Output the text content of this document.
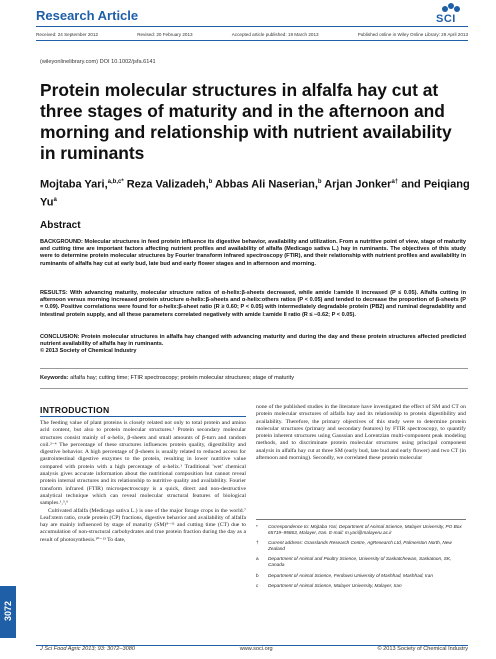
Research Article	SCI
Received: 24 September 2012	Revised: 20 February 2013	Accepted article published: 19 March 2013	Published online in Wiley Online Library: 29 April 2013
(wileyonlinelibrary.com) DOI 10.1002/jsfa.6141
Protein molecular structures in alfalfa hay cut at three stages of maturity and in the afternoon and morning and relationship with nutrient availability in ruminants
Mojtaba Yari,$^{a,b,c*}$ Reza Valizadeh,$^b$ Abbas Ali Naserian,$^b$ Arjan Jonker$^{a\dagger}$ and Peiqiang Yu$^a$
Abstract

BACKGROUND: Molecular structures in feed protein influence its digestive behavior, availability and utilization. From a nutritive point of view, stage of maturity and cutting time are important factors affecting nutrient profiles and availability of alfalfa (Medicago sativa L.) hay in ruminants. The objectives of this study were to determine protein molecular structures by Fourier transform infrared spectroscopy (FTIR), and their relationship with nutrient profiles and availability in ruminants of alfalfa hay cut at early bud, late bud and early flower stages and in afternoon and morning.

RESULTS: With advancing maturity, molecular structure ratios of α-helix:β-sheets decreased, while amide I:amide II increased (P ≤ 0.05). Alfalfa cutting in afternoon versus morning increased protein structure α-helix:β-sheets and α-helix:others ratios (P < 0.05) and tended to decrease the proportion of β-sheets (P = 0.09). Positive correlations were found for α-helix:β-sheet ratio (R ≥ 0.60; P < 0.05) with intermediately degradable protein (PB2) and ruminal degradability and intestinal protein supply, and all these parameters correlated negatively with amide I:amide II ratio (R ≤ −0.62; P < 0.05).

CONCLUSION: Protein molecular structures in alfalfa hay changed with advancing maturity and during the day and these protein structures affected predicted nutrient availability of alfalfa hay in ruminants.
© 2013 Society of Chemical Industry

Keywords: alfalfa hay; cutting time; FTIR spectroscopy; protein molecular structures; stage of maturity
INTRODUCTION

The feeding value of plant proteins is closely related not only to total protein and amino acid content, but also to protein molecular structures.¹ Protein secondary molecular structures consist mainly of α-helix, β-sheets and small amounts of β-turn and random coil.²⁻⁴ The percentage of these structures influences protein quality, digestibility and digestive behavior. A high percentage of β-sheets is usually related to reduced access for gastrointestinal digestive enzymes to the protein, resulting in lower nutritive value compared with protein with a high percentage of α-helix.¹ Traditional 'wet' chemical analysis gives accurate information about the nutritional composition but cannot reveal protein internal structures and its relationship to nutritive quality and availability. Fourier transform infrared (FTIR) microspectroscopy is a quick, direct and non-destructive analytical technique which can reveal molecular structural features of biological samples.¹,⁵,⁶

Cultivated alfalfa (Medicago sativa L.) is one of the major forage crops in the world.⁷ Leaf:stem ratio, crude protein (CP) fractions, digestive behavior and availability of alfalfa hay are mainly influenced by stage of maturity (SM)⁸⁻¹¹ and cutting time (CT) due to accumulation of non-structural carbohydrates and true protein fraction during the day as a result of photosynthesis.¹⁰⁻¹³ To date,

none of the published studies in the literature have investigated the effect of SM and CT on protein molecular structures of alfalfa hay and its relationship to protein digestibility and availability. Therefore, the primary objectives of this study were to determine protein molecular structures (primary and secondary features) by FTIR spectroscopy, to quantify protein inherent structures using Gaussian and Lorentzian multi-component peak modeling methods, and to discriminate protein molecular structures using principal component analysis in alfalfa hay cut at three SM (early bud, late bud and early flower) and two CT (in afternoon and morning). Secondly, we correlated these protein molecular

*	Correspondence to: Mojtaba Yari, Department of Animal Science, Malayer University, PO Box 65719–95863, Malayer, Iran. E-mail: m.yari@malayeru.ac.ir
†	Current address: Grasslands Research Centre, AgResearch Ltd, Palmerston North, New Zealand
a	Department of Animal and Poultry Science, University of Saskatchewan, Saskatoon, SK, Canada
b	Department of Animal Science, Ferdowsi University of Mashhad, Mashhad, Iran
c	Department of Animal Science, Malayer University, Malayer, Iran
3072
J Sci Food Agric 2013; 93: 3072–3080	www.soci.org	© 2013 Society of Chemical Industry
